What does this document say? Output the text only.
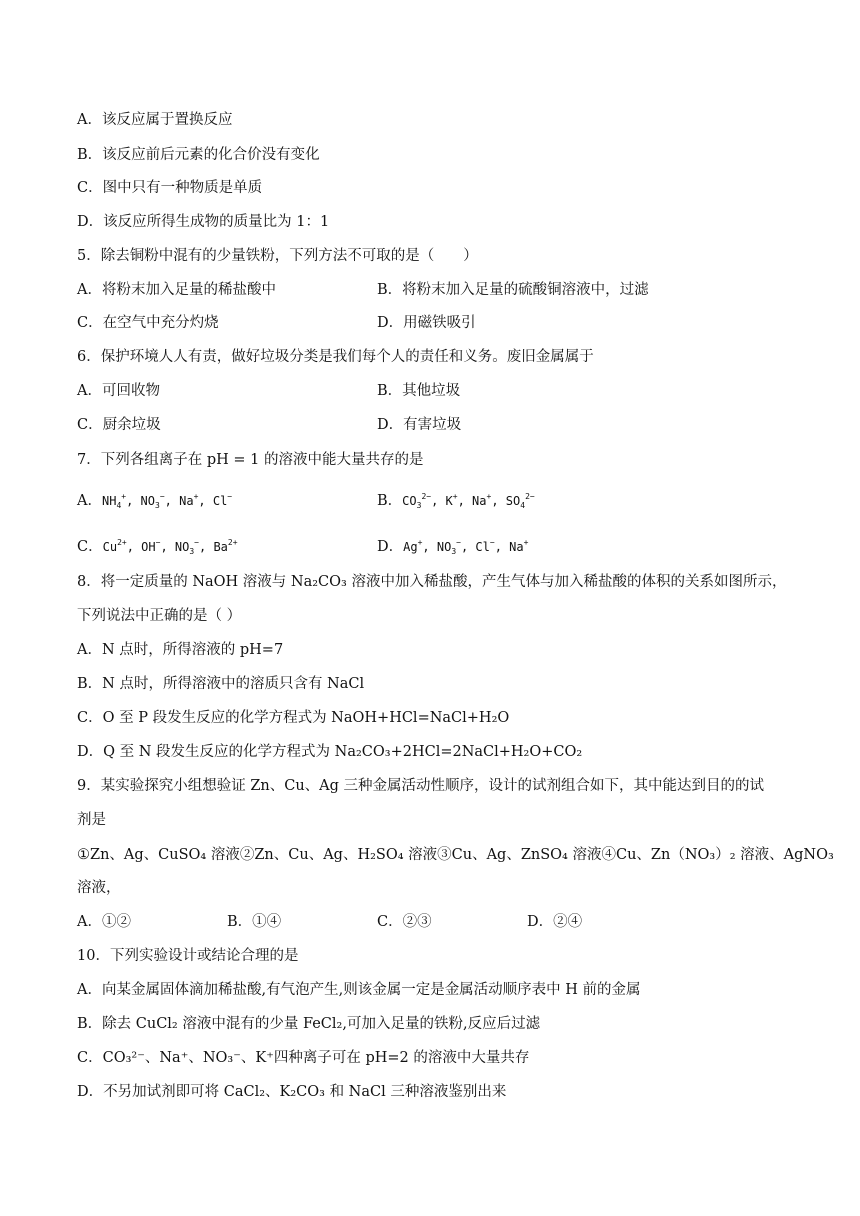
A．该反应属于置换反应
B．该反应前后元素的化合价没有变化
C．图中只有一种物质是单质
D．该反应所得生成物的质量比为 1：1
5．除去铜粉中混有的少量铁粉，下列方法不可取的是（　　）
A．将粉末加入足量的稀盐酸中	B．将粉末加入足量的硫酸铜溶液中，过滤
C．在空气中充分灼烧	D．用磁铁吸引
6．保护环境人人有责，做好垃圾分类是我们每个人的责任和义务。废旧金属属于
A．可回收物	B．其他垃圾
C．厨余垃圾	D．有害垃圾
7．下列各组离子在 pH = 1 的溶液中能大量共存的是
A．$NH_4^+$, $NO_3^-$, Na+, Cl−	B．$CO_3^{2-}$, K+, Na+, $SO_4^{2-}$
C．$Cu^{2+}$, OH−, $NO_3^-$, $Ba^{2+}$	D．Ag+, $NO_3^-$, Cl−, Na+
8．将一定质量的 NaOH 溶液与 Na₂CO₃ 溶液中加入稀盐酸，产生气体与加入稀盐酸的体积的关系如图所示，
下列说法中正确的是（ ）
A．N 点时，所得溶液的 pH=7
B．N 点时，所得溶液中的溶质只含有 NaCl
C．O 至 P 段发生反应的化学方程式为 NaOH+HCl=NaCl+H₂O
D．Q 至 N 段发生反应的化学方程式为 Na₂CO₃+2HCl=2NaCl+H₂O+CO₂
9．某实验探究小组想验证 Zn、Cu、Ag 三种金属活动性顺序，设计的试剂组合如下，其中能达到目的的试
剂是
①Zn、Ag、CuSO₄ 溶液②Zn、Cu、Ag、H₂SO₄ 溶液③Cu、Ag、ZnSO₄ 溶液④Cu、Zn（NO₃）₂ 溶液、AgNO₃
溶液，
A．①②	B．①④	C．②③	D．②④
10．下列实验设计或结论合理的是
A．向某金属固体滴加稀盐酸,有气泡产生,则该金属一定是金属活动顺序表中 H 前的金属
B．除去 CuCl₂ 溶液中混有的少量 FeCl₂,可加入足量的铁粉,反应后过滤
C．CO₃²⁻、Na⁺、NO₃⁻、K⁺四种离子可在 pH=2 的溶液中大量共存
D．不另加试剂即可将 CaCl₂、K₂CO₃ 和 NaCl 三种溶液鉴别出来
